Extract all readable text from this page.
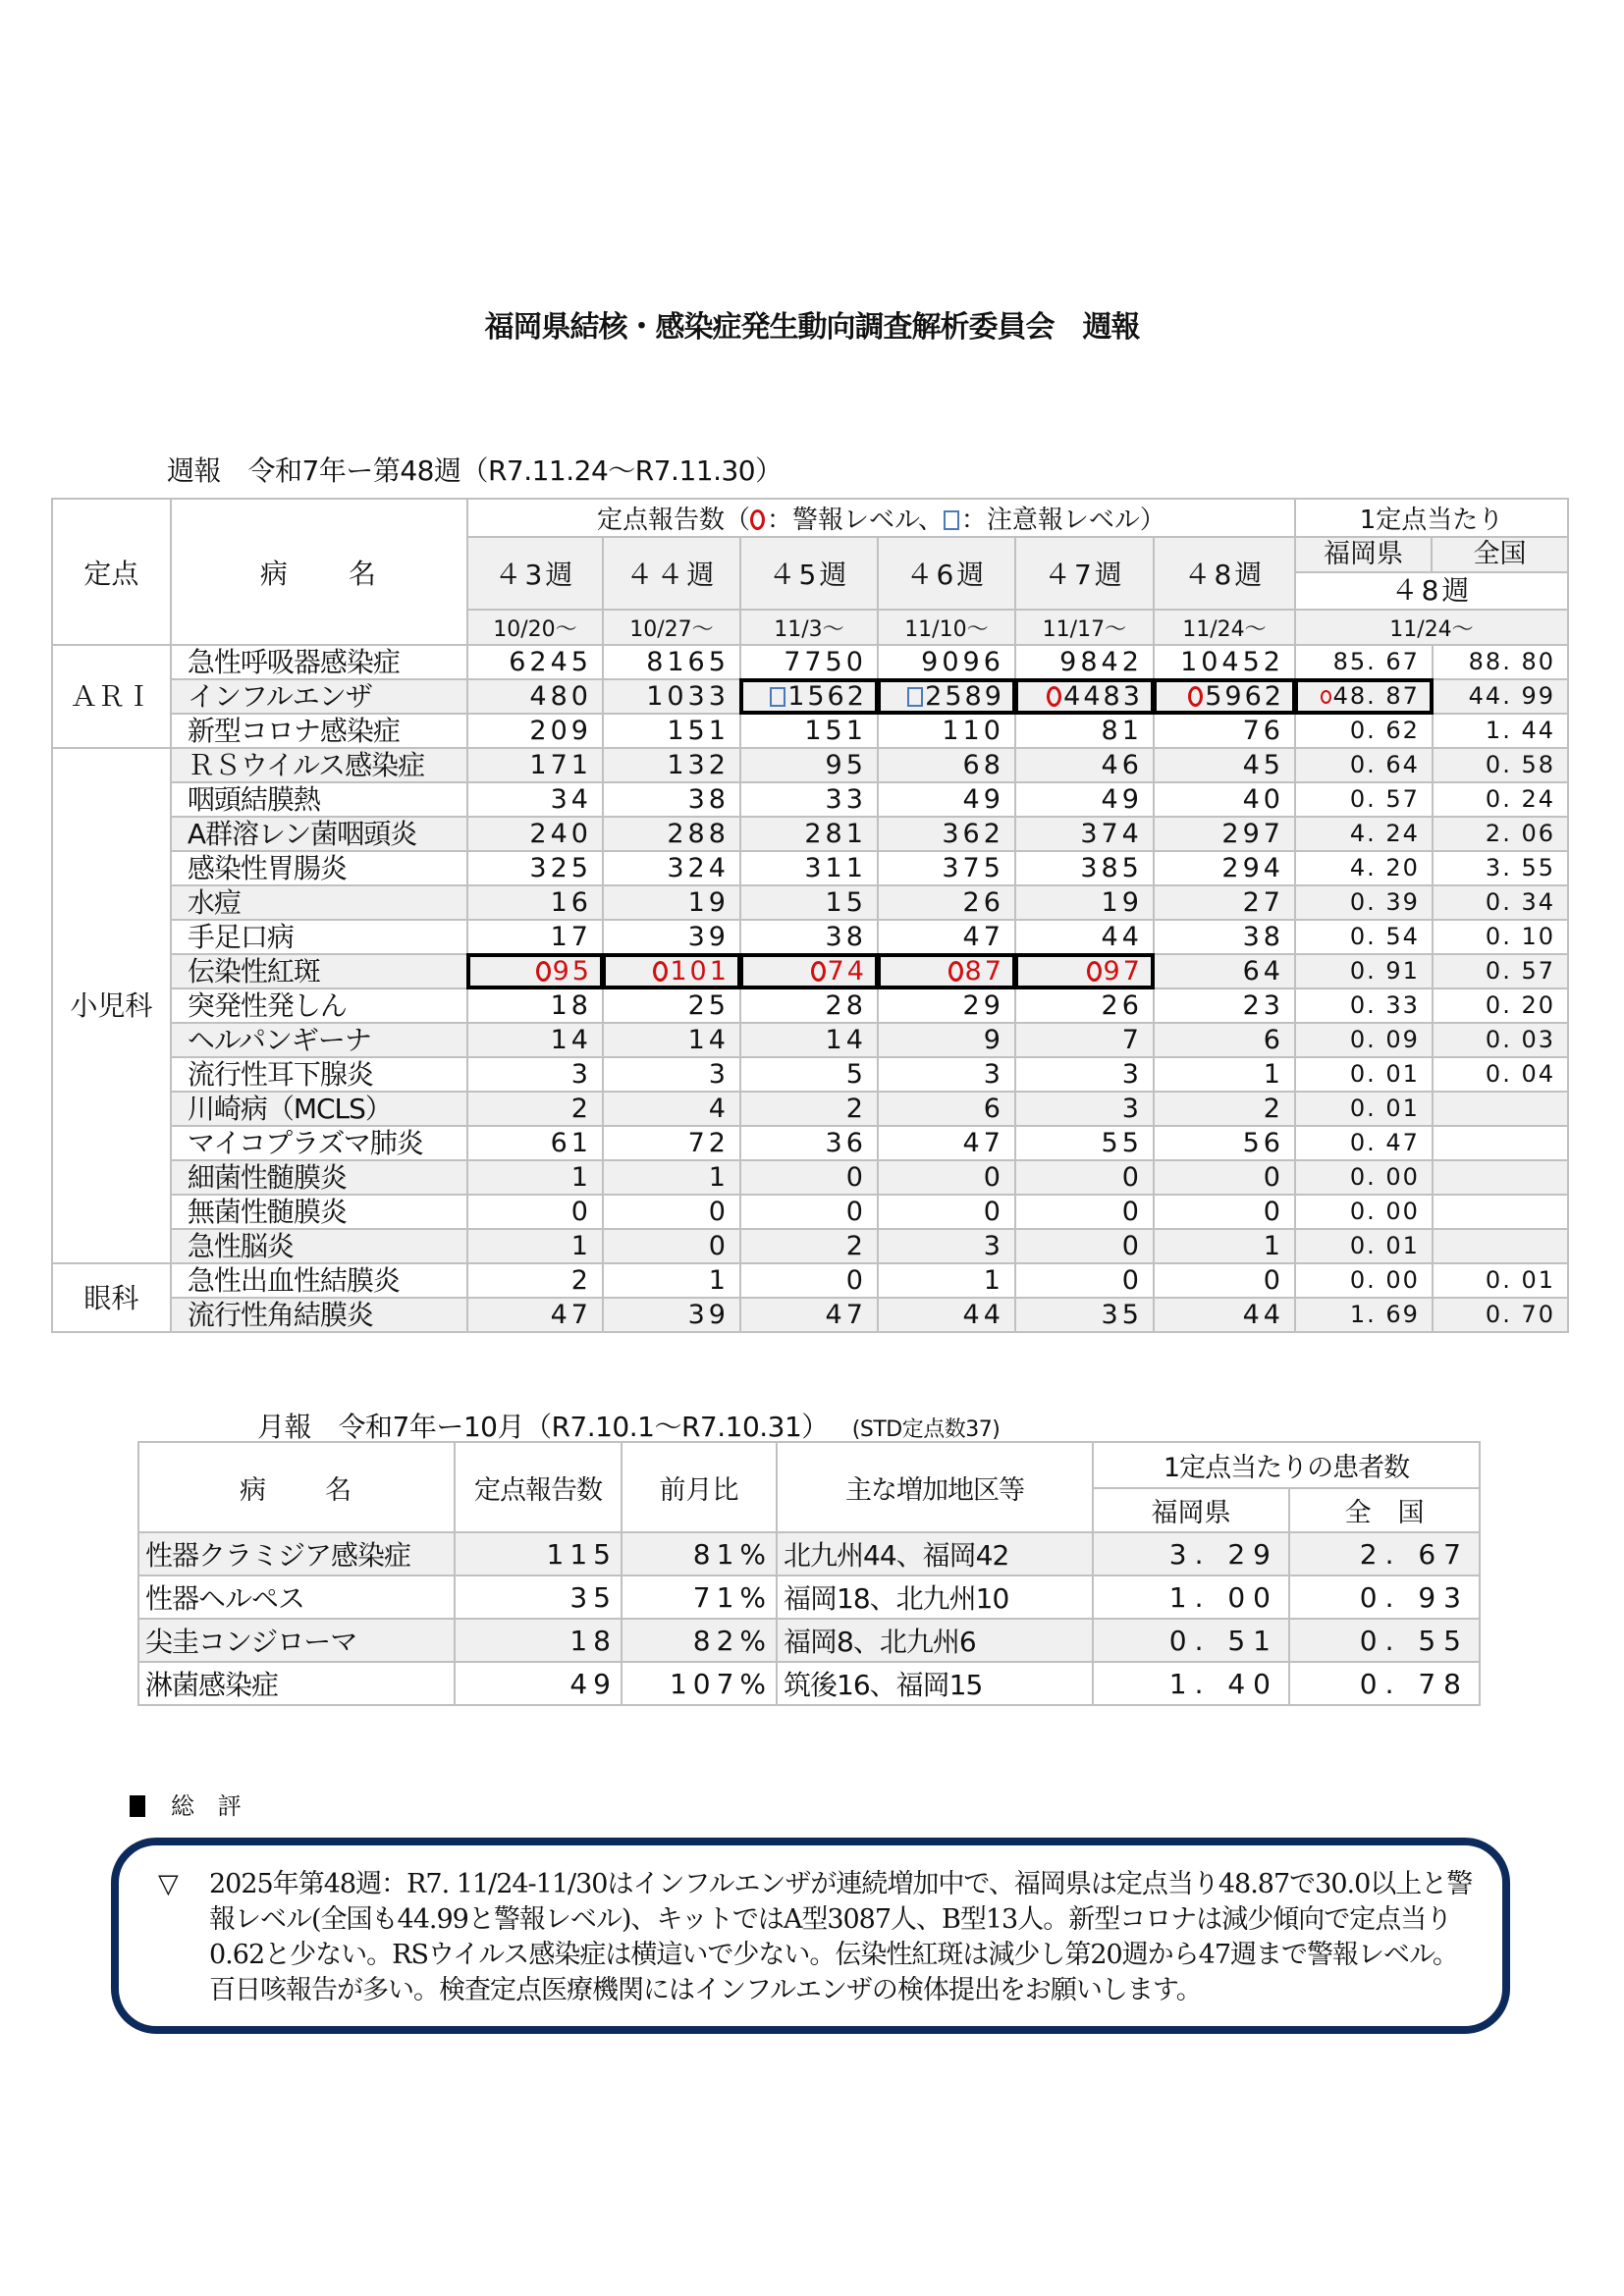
福岡県結核・感染症発生動向調査解析委員会　週報
週報　令和7年ー第48週（R7.11.24～R7.11.30）
定点	病　　名	定点報告数（ ：警報レベル、 ：注意報レベル）						1定点当たり	
		４3週	４４週	４5週	４6週	４7週	４8週	福岡県 全国
４8週	

		10/20～	10/27～	11/3～	11/10～	11/17～	11/24～	11/24～	
ＡＲＩ	急性呼吸器感染症	6245	8165	7750	9096	9842	10452	85. 67	88. 80
	インフルエンザ	480	1033	1562	2589	4483	5962	48. 87	44. 99
	新型コロナ感染症	209	151	151	110	81	76	0. 62	1. 44
小児科	ＲＳウイルス感染症	171	132	95	68	46	45	0. 64	0. 58
	咽頭結膜熱	34	38	33	49	49	40	0. 57	0. 24
	A群溶レン菌咽頭炎	240	288	281	362	374	297	4. 24	2. 06
	感染性胃腸炎	325	324	311	375	385	294	4. 20	3. 55
	水痘	16	19	15	26	19	27	0. 39	0. 34
	手足口病	17	39	38	47	44	38	0. 54	0. 10
	伝染性紅斑	95	101	74	87	97	64	0. 91	0. 57
	突発性発しん	18	25	28	29	26	23	0. 33	0. 20
	ヘルパンギーナ	14	14	14	9	7	6	0. 09	0. 03
	流行性耳下腺炎	3	3	5	3	3	1	0. 01	0. 04
	川崎病（MCLS）	2	4	2	6	3	2	0. 01	
	マイコプラズマ肺炎	61	72	36	47	55	56	0. 47	
	細菌性髄膜炎	1	1	0	0	0	0	0. 00	
	無菌性髄膜炎	0	0	0	0	0	0	0. 00	
	急性脳炎	1	0	2	3	0	1	0. 01	
眼科	急性出血性結膜炎	2	1	0	1	0	0	0. 00	0. 01
	流行性角結膜炎	47	39	47	44	35	44	1. 69	0. 70
月報　令和7年ー10月（R7.10.1～R7.10.31） (STD定点数37)
病　　名	定点報告数	前月比	主な増加地区等	1定点当たりの患者数	
				福岡県	全　国
性器クラミジア感染症	115	81%	北九州44、福岡42	3. 29	2. 67
性器ヘルペス	35	71%	福岡18、北九州10	1. 00	0. 93
尖圭コンジローマ	18	82%	福岡8、北九州6	0. 51	0. 55
淋菌感染症	49	107%	筑後16、福岡15	1. 40	0. 78
総 評
▽ 2025年第48週：R7. 11/24-11/30はインフルエンザが連続増加中で、福岡県は定点当り48.87で30.0以上と警報レベル(全国も44.99と警報レベル)、キットではA型3087人、B型13人。新型コロナは減少傾向で定点当り0.62と少ない。RSウイルス感染症は横這いで少ない。伝染性紅斑は減少し第20週から47週まで警報レベル。百日咳報告が多い。検査定点医療機関にはインフルエンザの検体提出をお願いします。
